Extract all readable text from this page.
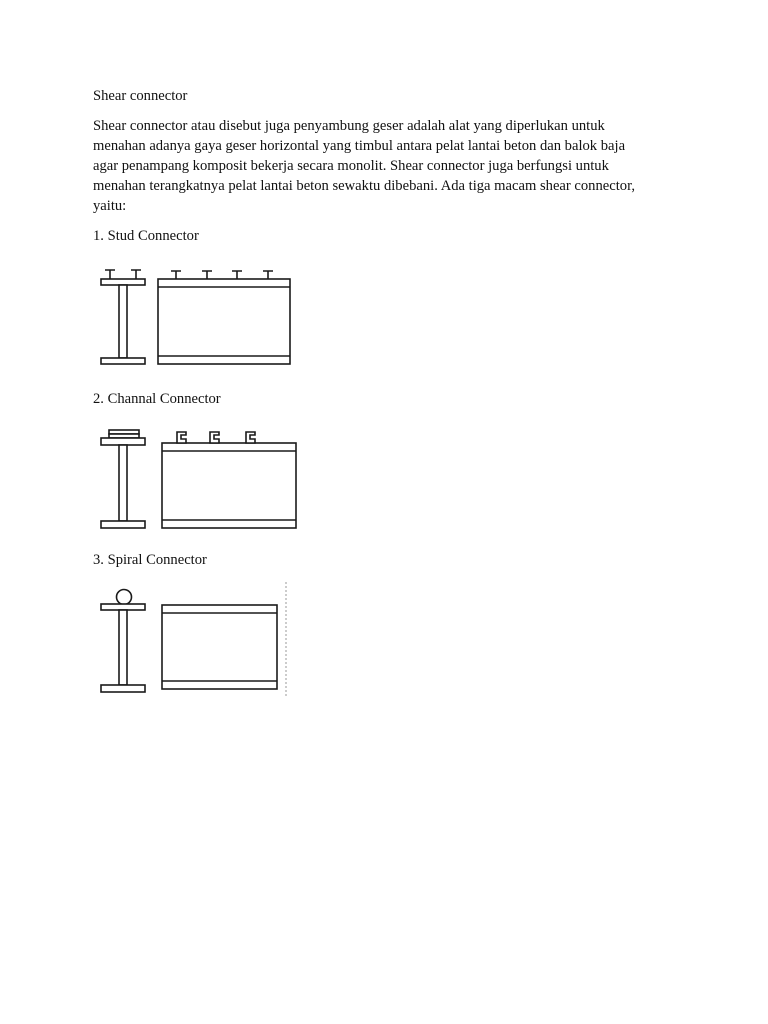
Shear connector
Shear connector atau disebut juga penyambung geser adalah alat yang diperlukan untuk
menahan adanya gaya geser horizontal yang timbul antara pelat lantai beton dan balok baja
agar penampang komposit bekerja secara monolit. Shear connector juga berfungsi untuk
menahan terangkatnya pelat lantai beton sewaktu dibebani. Ada tiga macam shear connector,
yaitu:
1. Stud Connector
2. Channal Connector
3. Spiral Connector
